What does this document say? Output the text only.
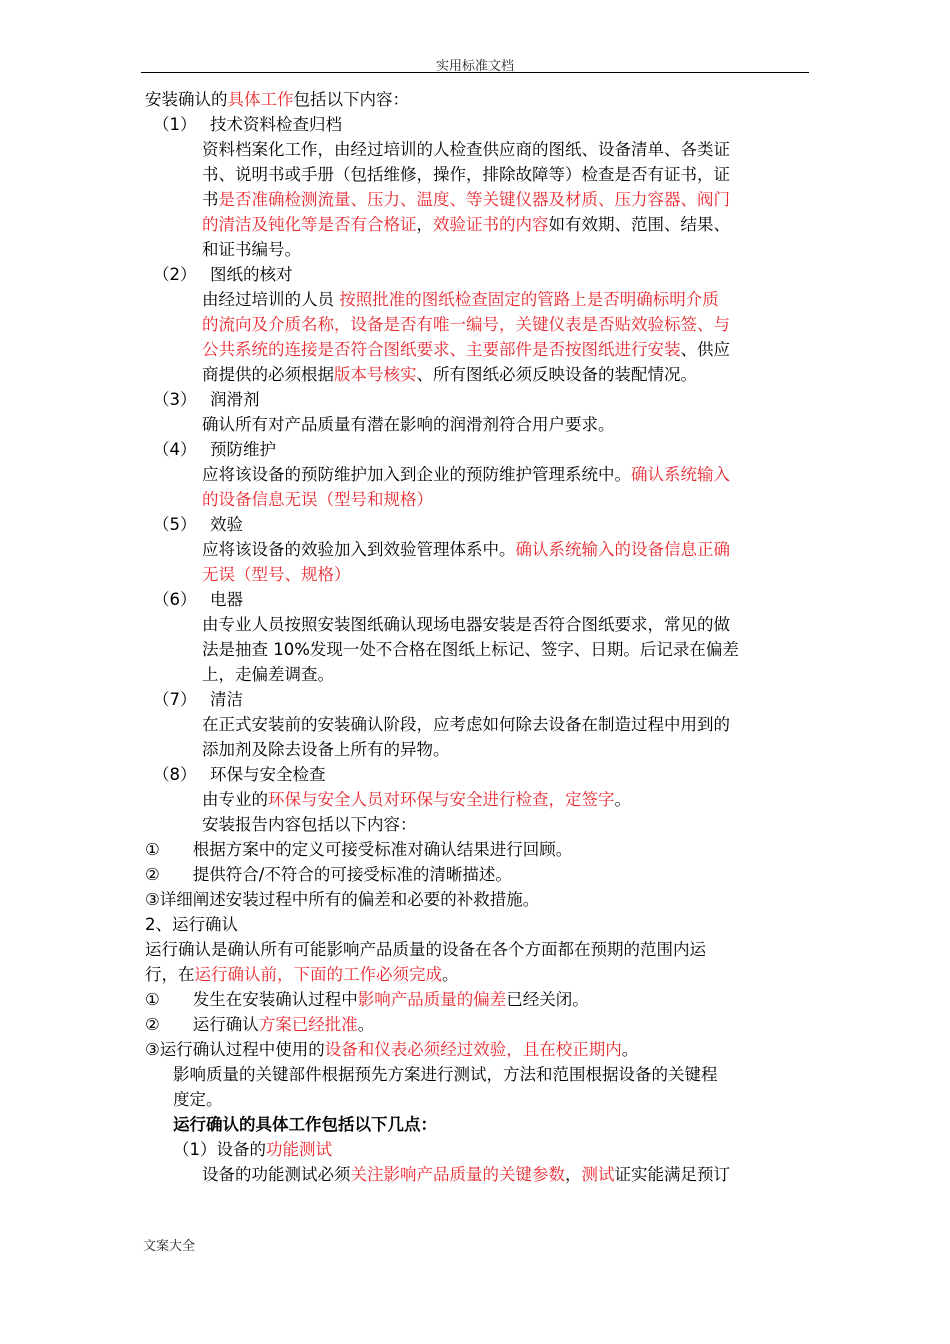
实用标准文档
安装确认的具体工作包括以下内容：
（1）　 技术资料检查归档
资料档案化工作，由经过培训的人检查供应商的图纸、设备清单、各类证
书、说明书或手册（包括维修，操作，排除故障等）检查是否有证书，证
书是否准确检测流量、压力、温度、等关键仪器及材质、压力容器、阀门
的清洁及钝化等是否有合格证，效验证书的内容如有效期、范围、结果、
和证书编号。
（2）　 图纸的核对
由经过培训的人员 按照批准的图纸检查固定的管路上是否明确标明介质
的流向及介质名称，设备是否有唯一编号，关键仪表是否贴效验标签、与
公共系统的连接是否符合图纸要求、主要部件是否按图纸进行安装、供应
商提供的必须根据版本号核实、所有图纸必须反映设备的装配情况。
（3）　 润滑剂
确认所有对产品质量有潜在影响的润滑剂符合用户要求。
（4）　 预防维护
应将该设备的预防维护加入到企业的预防维护管理系统中。确认系统输入
的设备信息无误（型号和规格）
（5）　 效验
应将该设备的效验加入到效验管理体系中。确认系统输入的设备信息正确
无误（型号、规格）
（6）　 电器
由专业人员按照安装图纸确认现场电器安装是否符合图纸要求，常见的做
法是抽查 10%发现一处不合格在图纸上标记、签字、日期。后记录在偏差
上，走偏差调查。
（7）　 清洁
在正式安装前的安装确认阶段，应考虑如何除去设备在制造过程中用到的
添加剂及除去设备上所有的异物。
（8）　 环保与安全检查
由专业的环保与安全人员对环保与安全进行检查，定签字。
安装报告内容包括以下内容：
①　　根据方案中的定义可接受标准对确认结果进行回顾。
②　　提供符合/不符合的可接受标准的清晰描述。
③详细阐述安装过程中所有的偏差和必要的补救措施。
2、运行确认
运行确认是确认所有可能影响产品质量的设备在各个方面都在预期的范围内运
行，在运行确认前，下面的工作必须完成。
①　　发生在安装确认过程中影响产品质量的偏差已经关闭。
②　　运行确认方案已经批准。
③运行确认过程中使用的设备和仪表必须经过效验，且在校正期内。
影响质量的关键部件根据预先方案进行测试，方法和范围根据设备的关键程
度定。
运行确认的具体工作包括以下几点：
（1）设备的功能测试
设备的功能测试必须关注影响产品质量的关键参数，测试证实能满足预订
文案大全
